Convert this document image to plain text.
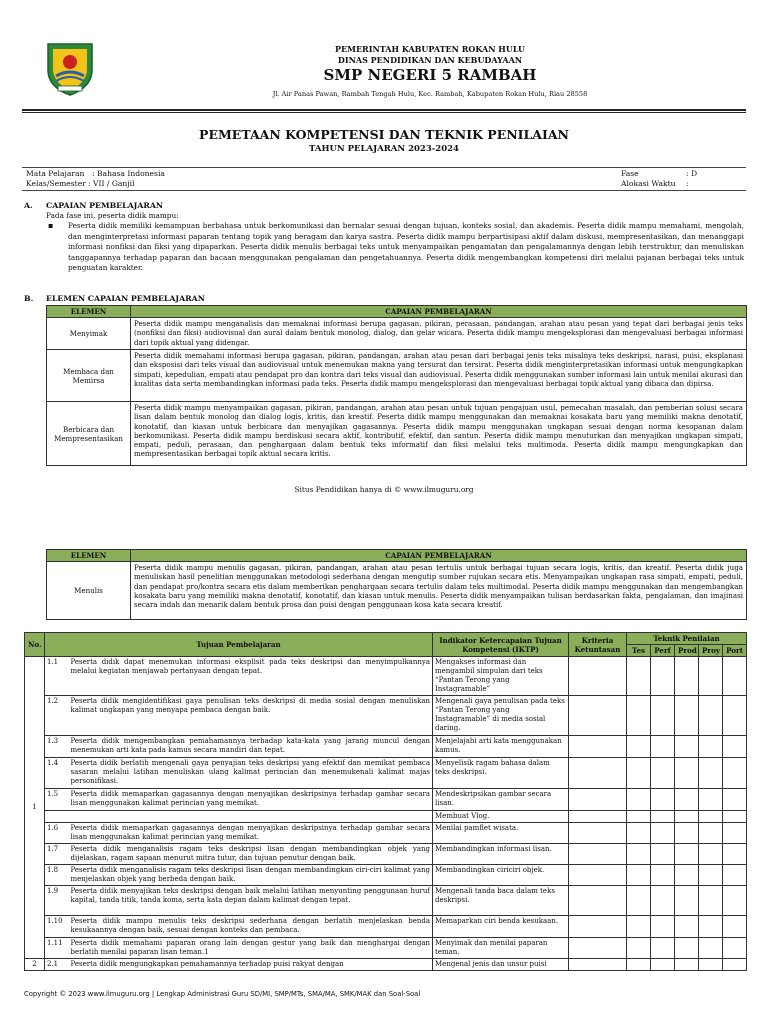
PEMERINTAH KABUPATEN ROKAN HULU
DINAS PENDIDIKAN DAN KEBUDAYAAN
SMP NEGERI 5 RAMBAH
Jl. Air Panas Pawan, Rambah Tengah Hulu, Kec. Rambah, Kabupaten Rokan Hulu, Riau 28558
PEMETAAN KOMPETENSI DAN TEKNIK PENILAIAN
TAHUN PELAJARAN 2023-2024
Mata Pelajaran : Bahasa Indonesia
Kelas/Semester : VII / Ganjil
Fase	: D
Alokasi Waktu :
A. CAPAIAN PEMBELAJARAN
Pada fase ini, peserta didik mampu:
▪ Peserta didik memiliki kemampuan berbahasa untuk berkomunikasi dan bernalar sesuai dengan tujuan, konteks sosial, dan akademis. Peserta didik mampu memahami, mengolah, dan menginterpretasi informasi paparan tentang topik yang beragam dan karya sastra. Peserta didik mampu berpartisipasi aktif dalam diskusi, mempresentasikan, dan menanggapi informasi nonfiksi dan fiksi yang dipaparkan. Peserta didik menulis berbagai teks untuk menyampaikan pengamatan dan pengalamannya dengan lebih terstruktur, dan menuliskan tanggapannya terhadap paparan dan bacaan menggunakan pengalaman dan pengetahuannya. Peserta didik mengembangkan kompetensi diri melalui pajanan berbagai teks untuk penguatan karakter.
B. ELEMEN CAPAIAN PEMBELAJARAN
ELEMEN	CAPAIAN PEMBELAJARAN
Menyimak	Peserta didik mampu menganalisis dan memaknai informasi berupa gagasan, pikiran, perasaan, pandangan, arahan atau pesan yang tepat dari berbagai jenis teks (nonfiksi dan fiksi) audiovisual dan aural dalam bentuk monolog, dialog, dan gelar wicara. Peserta didik mampu mengeksplorasi dan mengevaluasi berbagai informasi dari topik aktual yang didengar.
Membaca dan Memirsa	Peserta didik memahami informasi berupa gagasan, pikiran, pandangan, arahan atau pesan dari berbagai jenis teks misalnya teks deskripsi, narasi, puisi, eksplanasi dan eksposisi dari teks visual dan audiovisual untuk menemukan makna yang tersurat dan tersirat. Peserta didik menginterpretasikan informasi untuk mengungkapkan simpati, kepedulian, empati atau pendapat pro dan kontra dari teks visual dan audiovisual. Peserta didik menggunakan sumber informasi lain untuk menilai akurasi dan kualitas data serta membandingkan informasi pada teks. Peserta didik mampu mengeksplorasi dan mengevaluasi berbagai topik aktual yang dibaca dan dipirsa.
Berbicara dan Mempresentasikan	Peserta didik mampu menyampaikan gagasan, pikiran, pandangan, arahan atau pesan untuk tujuan pengajuan usul, pemecahan masalah, dan pemberian solusi secara lisan dalam bentuk monolog dan dialog logis, kritis, dan kreatif. Peserta didik mampu menggunakan dan memaknai kosakata baru yang memiliki makna denotatif, konotatif, dan kiasan untuk berbicara dan menyajikan gagasannya. Peserta didik mampu menggunakan ungkapan sesuai dengan norma kesopanan dalam berkomunikasi. Peserta didik mampu berdiskusi secara aktif, kontributif, efektif, dan santun. Peserta didik mampu menuturkan dan menyajikan ungkapan simpati, empati, peduli, perasaan, dan penghargaan dalam bentuk teks informatif dan fiksi melalui teks multimoda. Peserta didik mampu mengungkapkan dan mempresentasikan berbagai topik aktual secara kritis.
Situs Pendidikan hanya di © www.ilmuguru.org
ELEMEN	CAPAIAN PEMBELAJARAN
Menulis	Peserta didik mampu menulis gagasan, pikiran, pandangan, arahan atau pesan tertulis untuk berbagai tujuan secara logis, kritis, dan kreatif. Peserta didik juga menuliskan hasil penelitian menggunakan metodologi sederhana dengan mengutip sumber rujukan secara etis. Menyampaikan ungkapan rasa simpati, empati, peduli, dan pendapat pro/kontra secara etis dalam memberikan penghargaan secara tertulis dalam teks multimodal. Peserta didik mampu menggunakan dan mengembangkan kosakata baru yang memiliki makna denotatif, konotatif, dan kiasan untuk menulis. Peserta didik menyampaikan tulisan berdasarkan fakta, pengalaman, dan imajinasi secara indah dan menarik dalam bentuk prosa dan puisi dengan penggunaan kosa kata secara kreatif.
No.	Tujuan Pembelajaran		Indikator Ketercapaian Tujuan Kompetensi (IKTP)	Kriteria Ketuntasan	Teknik Penilaian				
					Tes	Perf	Prod	Proy	Port
1	1.1	Peserta didik dapat menemukan informasi eksplisit pada teks deskripsi dan menyimpulkannya melalui kegiatan menjawab pertanyaan dengan tepat.	Mengakses informasi dan mengambil simpulan dari teks “Pantan Terong yang Instagramable”						
	1.2	Peserta didik mengidentifikasi gaya penulisan teks deskripsi di media sosial dengan menuliskan kalimat ungkapan yang menyapa pembaca dengan baik.	Mengenali gaya penulisan pada teks “Pantan Terong yang Instagramable” di media sosial daring.						
	1.3	Peserta didik mengembangkan pemahamannya terhadap kata-kata yang jarang muncul dengan menemukan arti kata pada kamus secara mandiri dan tepat.	Menjelajahi arti kata menggunakan kamus.						
	1.4	Peserta didik berlatih mengenali gaya penyajian teks deskripsi yang efektif dan memikat pembaca sasaran melalui latihan menuliskan ulang kalimat perincian dan menemukenali kalimat majas personifikasi.	Menyelisik ragam bahasa dalam teks deskripsi.						
	1.5	Peserta didik memaparkan gagasannya dengan menyajikan deskripsinya terhadap gambar secara lisan menggunakan kalimat perincian yang memikat.	Mendeskripsikan gambar secara lisan.						
			Membuat Vlog.						
	1.6	Peserta didik memaparkan gagasannya dengan menyajikan deskripsinya terhadap gambar secara lisan menggunakan kalimat perincian yang memikat.	Menilai pamflet wisata.						
	1.7	Peserta didik menganalisis ragam teks deskripsi lisan dengan membandingkan objek yang dijelaskan, ragam sapaan menurut mitra tutur, dan tujuan penutur dengan baik.	Membandingkan informasi lisan.						
	1.8	Peserta didik menganalisis ragam teks deskripsi lisan dengan membandingkan ciri-ciri kalimat yang menjelaskan objek yang berbeda dengan baik.	Membandingkan ciriciri objek.						
	1.9	Peserta didik menyajikan teks deskripsi dengan baik melalui latihan menyunting penggunaan huruf kapital, tanda titik, tanda koma, serta kata depan dalam kalimat dengan tepat.	Mengenali tanda baca dalam teks deskripsi.						
	1.10	Peserta didik mampu menulis teks deskripsi sederhana dengan berlatih menjelaskan benda kesukaannya dengan baik, sesuai dengan konteks dan pembaca.	Memaparkan ciri benda kesukaan.						
	1.11	Peserta didik memahami paparan orang lain dengan gestur yang baik dan menghargai dengan berlatih menilai paparan lisan teman.1	Menyimak dan menilai paparan teman.						
2	2.1	Peserta didik mengungkapkan pemahamannya terhadap puisi rakyat dengan	Mengenal jenis dan unsur puisi						
Copyright © 2023 www.ilmuguru.org | Lengkap Administrasi Guru SD/MI, SMP/MTs, SMA/MA, SMK/MAK dan Soal-Soal
